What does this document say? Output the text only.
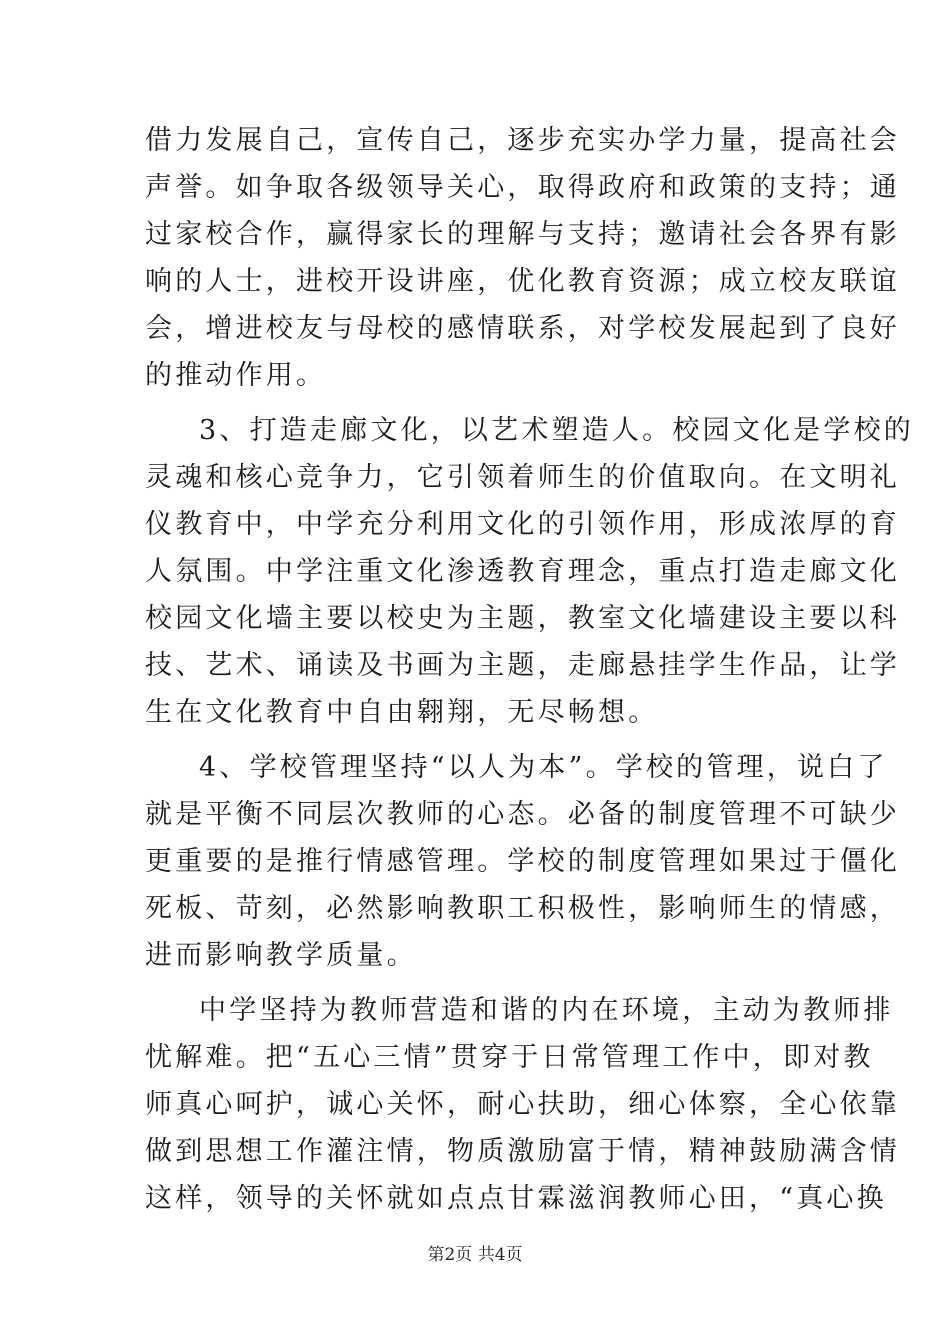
借力发展自己，宣传自己，逐步充实办学力量，提高社会
声誉。如争取各级领导关心，取得政府和政策的支持；通
过家校合作，赢得家长的理解与支持；邀请社会各界有影
响的人士，进校开设讲座，优化教育资源；成立校友联谊
会，增进校友与母校的感情联系，对学校发展起到了良好
的推动作用。
3、打造走廊文化，以艺术塑造人。校园文化是学校的
灵魂和核心竞争力，它引领着师生的价值取向。在文明礼
仪教育中，中学充分利用文化的引领作用，形成浓厚的育
人氛围。中学注重文化渗透教育理念，重点打造走廊文化
校园文化墙主要以校史为主题，教室文化墙建设主要以科
技、艺术、诵读及书画为主题，走廊悬挂学生作品，让学
生在文化教育中自由翱翔，无尽畅想。
4、学校管理坚持“以人为本”。学校的管理，说白了
就是平衡不同层次教师的心态。必备的制度管理不可缺少
更重要的是推行情感管理。学校的制度管理如果过于僵化
死板、苛刻，必然影响教职工积极性，影响师生的情感，
进而影响教学质量。
中学坚持为教师营造和谐的内在环境，主动为教师排
忧解难。把“五心三情”贯穿于日常管理工作中，即对教
师真心呵护，诚心关怀，耐心扶助，细心体察，全心依靠
做到思想工作灌注情，物质激励富于情，精神鼓励满含情
这样，领导的关怀就如点点甘霖滋润教师心田，“真心换
第2页 共4页
